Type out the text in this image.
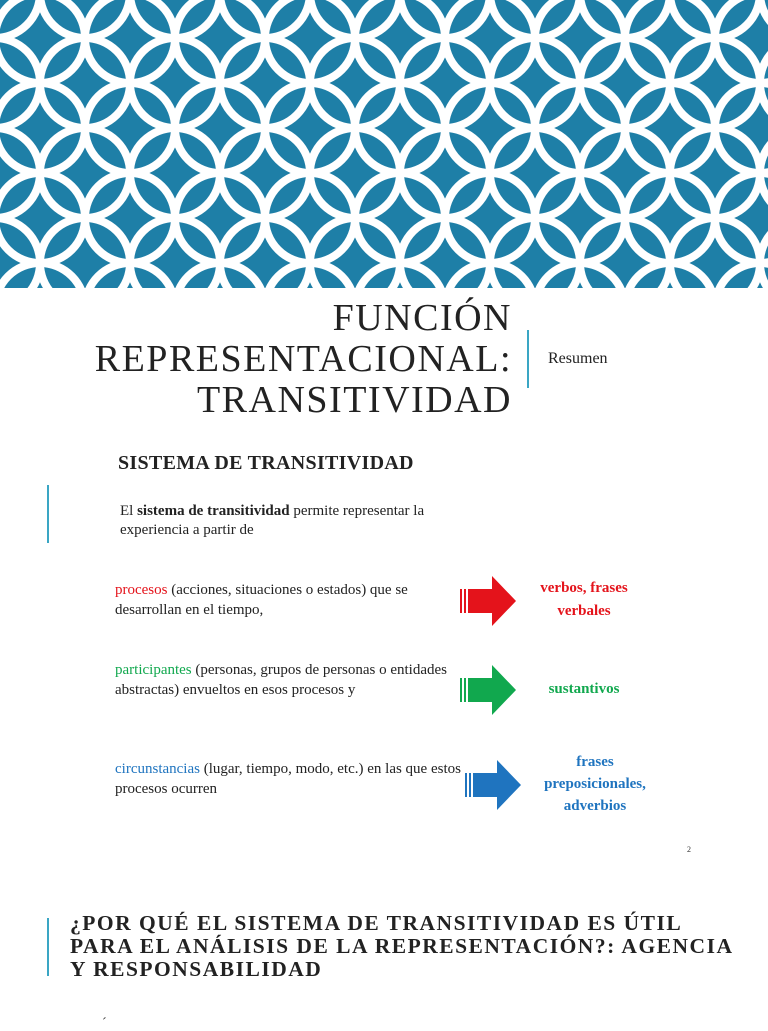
FUNCIÓN
REPRESENTACIONAL:
TRANSITIVIDAD
Resumen
SISTEMA DE TRANSITIVIDAD
El sistema de transitividad permite representar la experiencia a partir de
procesos (acciones, situaciones o estados) que se desarrollan en el tiempo,
verbos, frases
verbales
participantes (personas, grupos de personas o entidades abstractas) envueltos en esos procesos y	sustantivos
circunstancias (lugar, tiempo, modo, etc.) en las que estos procesos ocurren
frases
preposicionales,
adverbios
2
¿POR QUÉ EL SISTEMA DE TRANSITIVIDAD ES ÚTIL PARA EL ANÁLISIS DE LA REPRESENTACIÓN?: AGENCIA Y RESPONSABILIDAD
´
